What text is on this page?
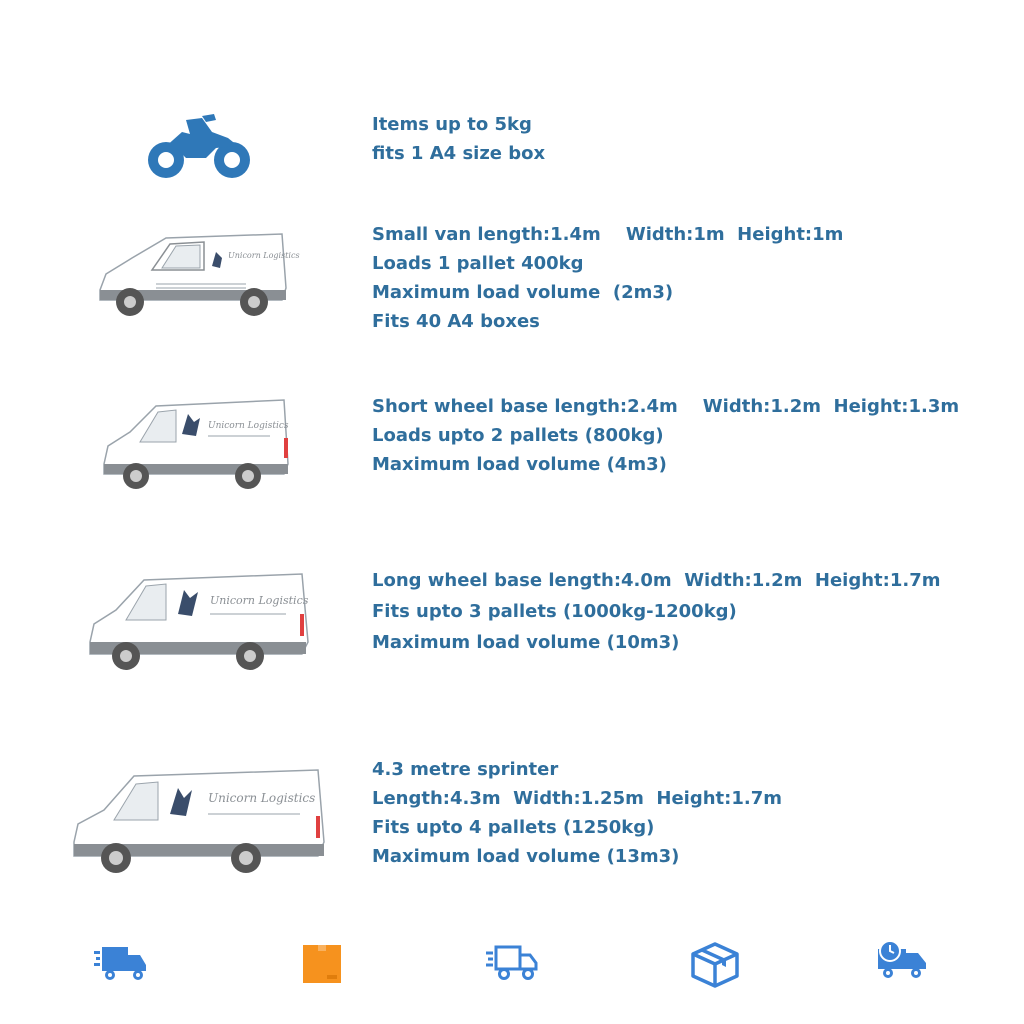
Items up to 5kg
fits 1 A4 size box
Unicorn Logistics
Small van length:1.4m    Width:1m  Height:1m
Loads 1 pallet 400kg
Maximum load volume  (2m3)
Fits 40 A4 boxes
Unicorn Logistics
Short wheel base length:2.4m    Width:1.2m  Height:1.3m
Loads upto 2 pallets (800kg)
Maximum load volume (4m3)
Unicorn Logistics
Long wheel base length:4.0m  Width:1.2m  Height:1.7m
Fits upto 3 pallets (1000kg-1200kg)
Maximum load volume (10m3)
Unicorn Logistics
4.3 metre sprinter
Length:4.3m  Width:1.25m  Height:1.7m
Fits upto 4 pallets (1250kg)
Maximum load volume (13m3)
